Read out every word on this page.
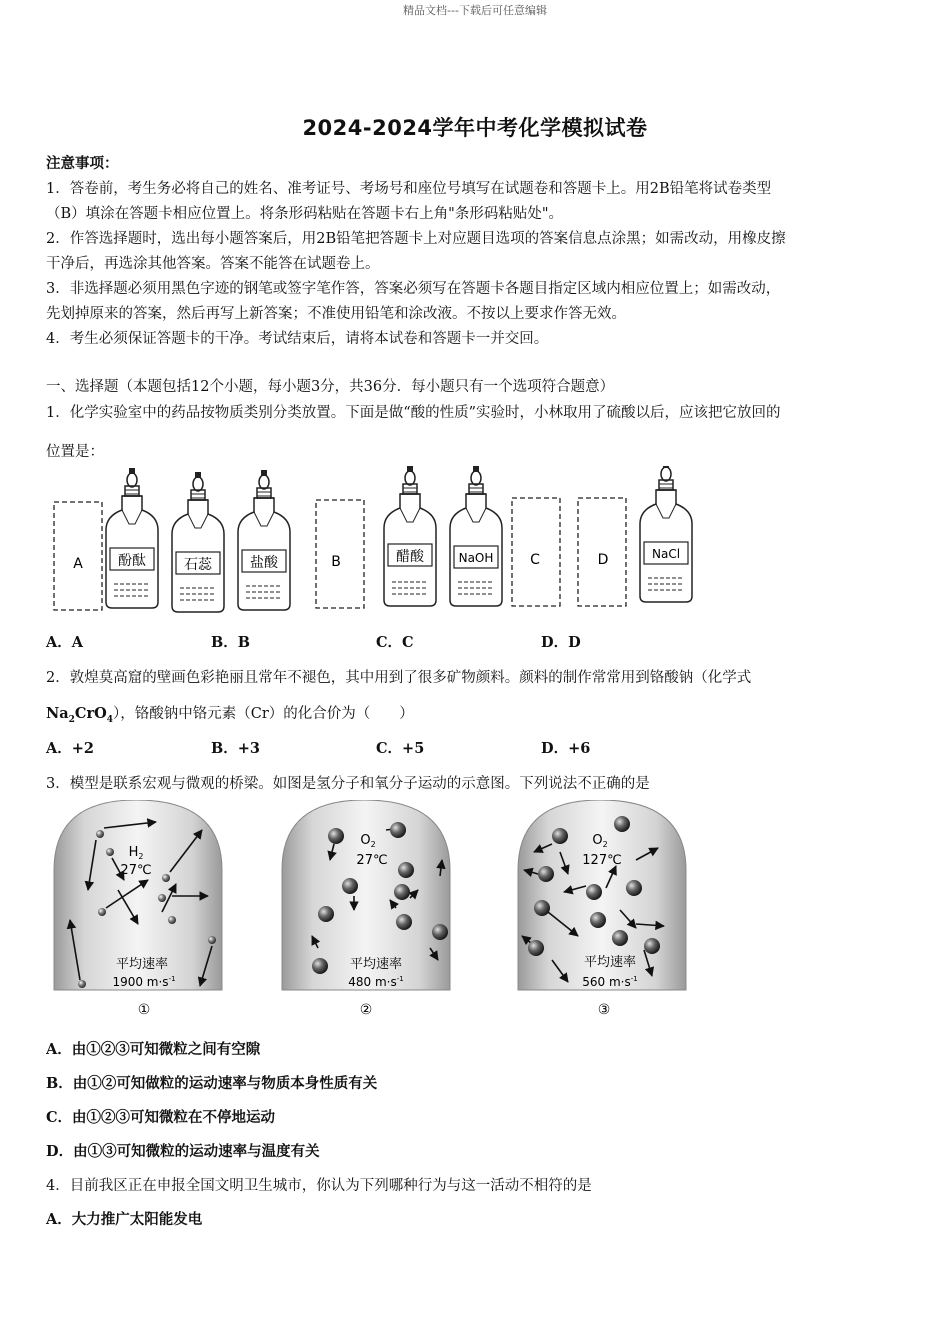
精品文档---下载后可任意编辑
2024-2024学年中考化学模拟试卷
注意事项：
1．答卷前，考生务必将自己的姓名、准考证号、考场号和座位号填写在试题卷和答题卡上。用2B铅笔将试卷类型
（B）填涂在答题卡相应位置上。将条形码粘贴在答题卡右上角"条形码粘贴处"。
2．作答选择题时，选出每小题答案后，用2B铅笔把答题卡上对应题目选项的答案信息点涂黑；如需改动，用橡皮擦
干净后，再选涂其他答案。答案不能答在试题卷上。
3．非选择题必须用黑色字迹的钢笔或签字笔作答，答案必须写在答题卡各题目指定区域内相应位置上；如需改动，
先划掉原来的答案，然后再写上新答案；不准使用铅笔和涂改液。不按以上要求作答无效。
4．考生必须保证答题卡的干净。考试结束后，请将本试卷和答题卡一并交回。
一、选择题（本题包括12个小题，每小题3分，共36分．每小题只有一个选项符合题意）
1．化学实验室中的药品按物质类别分类放置。下面是做“酸的性质”实验时，小林取用了硫酸以后，应该把它放回的
位置是：
A	酚酞	石蕊	盐酸	B	醋酸	NaOH	C	D	NaCl
A．A	B．B	C．C	D．D
2．敦煌莫高窟的壁画色彩艳丽且常年不褪色，其中用到了很多矿物颜料。颜料的制作常常用到铬酸钠（化学式
$Na_2CrO_4$），铬酸钠中铬元素（Cr）的化合价为（　　）
A．+2	B．+3	C．+5	D．+6
3．模型是联系宏观与微观的桥梁。如图是氢分子和氧分子运动的示意图。下列说法不正确的是
$H_2$
27℃
平均速率
1900 $m\cdot s^{-1}$
①
$O_2$
27℃
平均速率
480 $m\cdot s^{-1}$
②
$O_2$
127℃
平均速率
560 $m\cdot s^{-1}$
③
A．由①②③可知微粒之间有空隙
B．由①②可知做粒的运动速率与物质本身性质有关
C．由①②③可知微粒在不停地运动
D．由①③可知微粒的运动速率与温度有关
4．目前我区正在申报全国文明卫生城市，你认为下列哪种行为与这一活动不相符的是
A．大力推广太阳能发电
